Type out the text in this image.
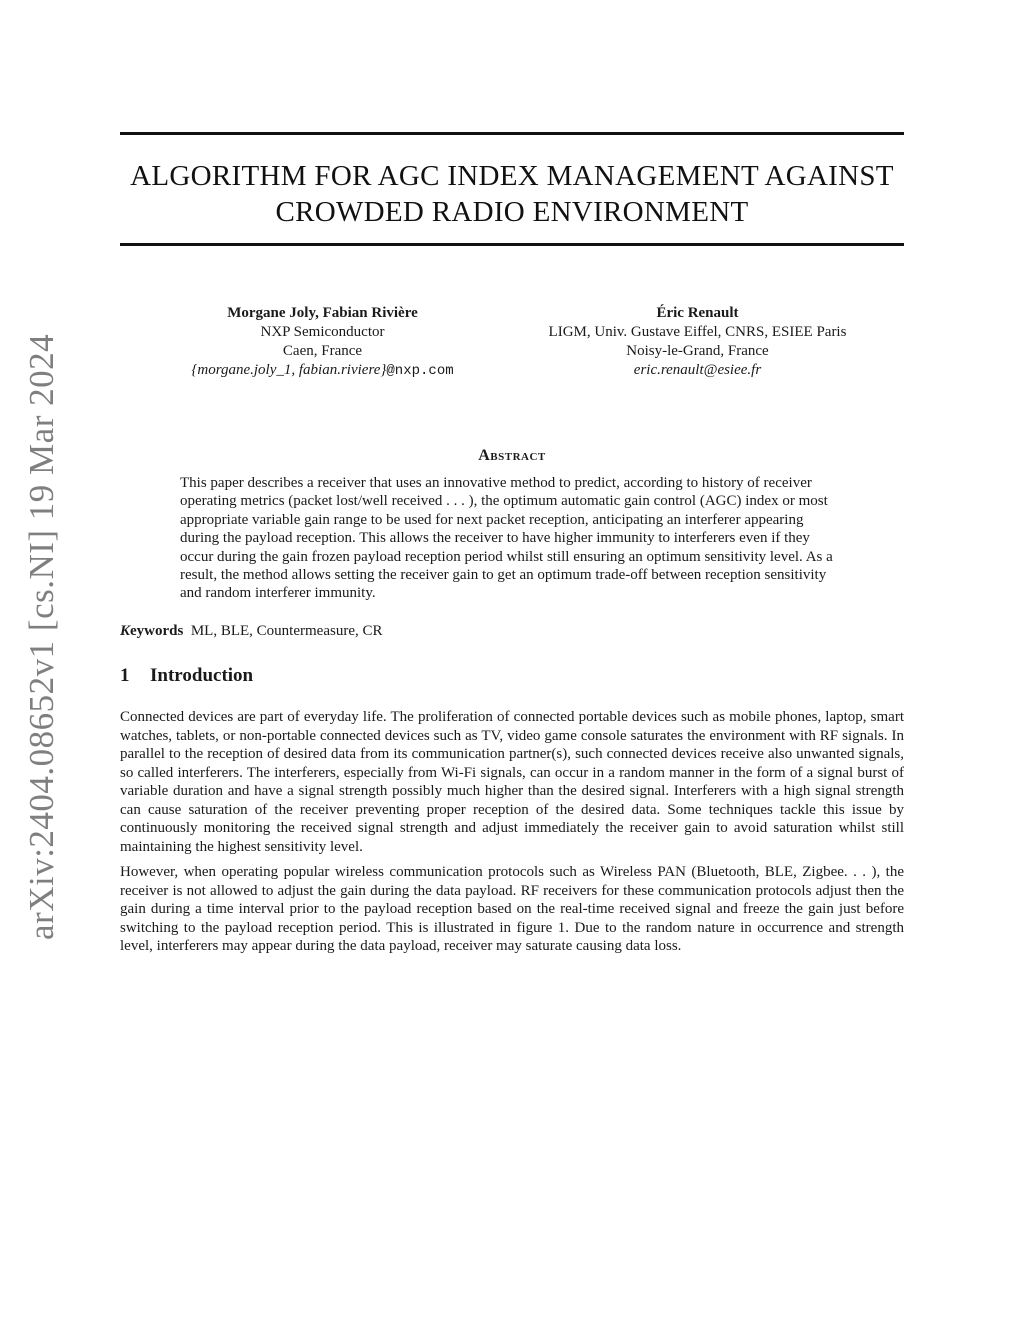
ALGORITHM FOR AGC INDEX MANAGEMENT AGAINST
CROWDED RADIO ENVIRONMENT
Morgane Joly, Fabian Rivière
NXP Semiconductor
Caen, France
{morgane.joly_1, fabian.riviere}@nxp.com
Éric Renault
LIGM, Univ. Gustave Eiffel, CNRS, ESIEE Paris
Noisy-le-Grand, France
eric.renault@esiee.fr
Abstract
This paper describes a receiver that uses an innovative method to predict, according to history of receiver operating metrics (packet lost/well received . . . ), the optimum automatic gain control (AGC) index or most appropriate variable gain range to be used for next packet reception, anticipating an interferer appearing during the payload reception. This allows the receiver to have higher immunity to interferers even if they occur during the gain frozen payload reception period whilst still ensuring an optimum sensitivity level. As a result, the method allows setting the receiver gain to get an optimum trade-off between reception sensitivity and random interferer immunity.
Keywords ML, BLE, Countermeasure, CR
1 Introduction
Connected devices are part of everyday life. The proliferation of connected portable devices such as mobile phones, laptop, smart watches, tablets, or non-portable connected devices such as TV, video game console saturates the environment with RF signals. In parallel to the reception of desired data from its communication partner(s), such connected devices receive also unwanted signals, so called interferers. The interferers, especially from Wi-Fi signals, can occur in a random manner in the form of a signal burst of variable duration and have a signal strength possibly much higher than the desired signal. Interferers with a high signal strength can cause saturation of the receiver preventing proper reception of the desired data. Some techniques tackle this issue by continuously monitoring the received signal strength and adjust immediately the receiver gain to avoid saturation whilst still maintaining the highest sensitivity level.
However, when operating popular wireless communication protocols such as Wireless PAN (Bluetooth, BLE, Zigbee. . . ), the receiver is not allowed to adjust the gain during the data payload. RF receivers for these communication protocols adjust then the gain during a time interval prior to the payload reception based on the real-time received signal and freeze the gain just before switching to the payload reception period. This is illustrated in figure 1. Due to the random nature in occurrence and strength level, interferers may appear during the data payload, receiver may saturate causing data loss.
arXiv:2404.08652v1 [cs.NI] 19 Mar 2024
